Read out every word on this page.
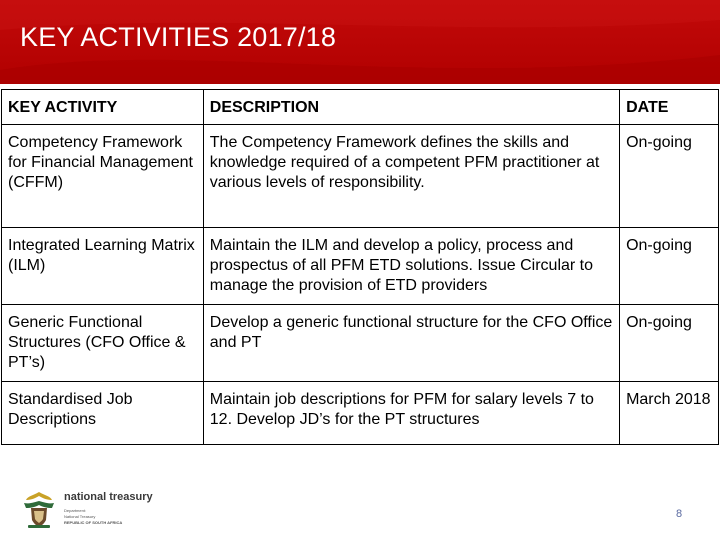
KEY ACTIVITIES 2017/18
KEY ACTIVITY	DESCRIPTION	DATE
Competency Framework for Financial Management (CFFM)	The Competency Framework defines the skills and knowledge required of a competent PFM practitioner at various levels of responsibility.	On-going
Integrated Learning Matrix (ILM)	Maintain the ILM and develop a policy, process and prospectus of all PFM ETD solutions. Issue Circular to manage the provision of ETD providers	On-going
Generic Functional Structures (CFO Office & PT’s)	Develop a generic functional structure for the CFO Office and PT	On-going
Standardised Job Descriptions	Maintain job descriptions for PFM for salary levels 7 to 12. Develop JD’s for the PT structures	March 2018
national treasury
Department:
National Treasury
REPUBLIC OF SOUTH AFRICA
8
